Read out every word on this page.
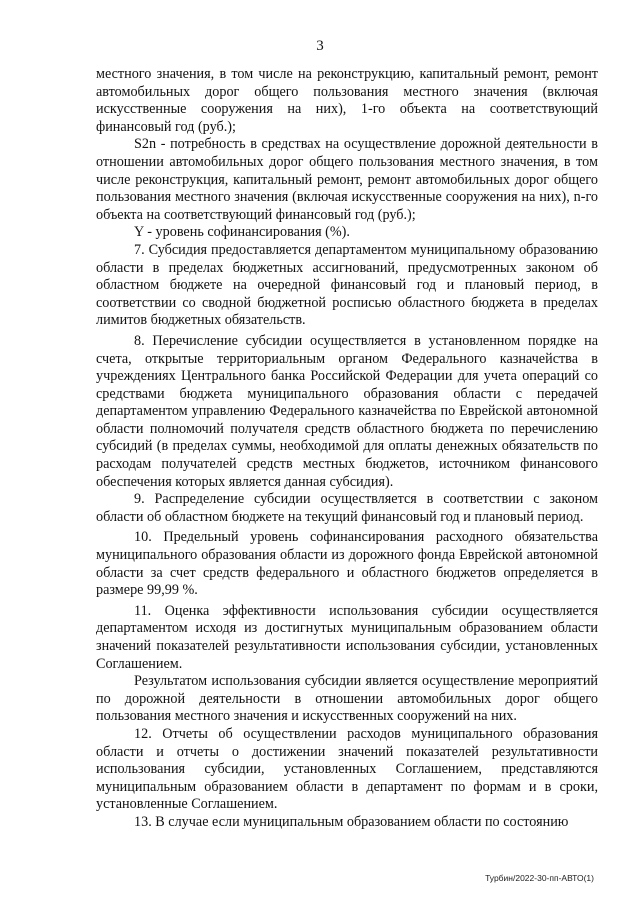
3

местного значения, в том числе на реконструкцию, капитальный ремонт, ремонт автомобильных дорог общего пользования местного значения (включая искусственные сооружения на них), 1-го объекта на соответствующий финансовый год (руб.);

S2n - потребность в средствах на осуществление дорожной деятельности в отношении автомобильных дорог общего пользования местного значения, в том числе реконструкция, капитальный ремонт, ремонт автомобильных дорог общего пользования местного значения (включая искусственные сооружения на них), n-го объекта на соответствующий финансовый год (руб.);

Y - уровень софинансирования (%).

7. Субсидия предоставляется департаментом муниципальному образованию области в пределах бюджетных ассигнований, предусмотренных законом об областном бюджете на очередной финансовый год и плановый период, в соответствии со сводной бюджетной росписью областного бюджета в пределах лимитов бюджетных обязательств.

8. Перечисление субсидии осуществляется в установленном порядке на счета, открытые территориальным органом Федерального казначейства в учреждениях Центрального банка Российской Федерации для учета операций со средствами бюджета муниципального образования области с передачей департаментом управлению Федерального казначейства по Еврейской автономной области полномочий получателя средств областного бюджета по перечислению субсидий (в пределах суммы, необходимой для оплаты денежных обязательств по расходам получателей средств местных бюджетов, источником финансового обеспечения которых является данная субсидия).

9. Распределение субсидии осуществляется в соответствии с законом области об областном бюджете на текущий финансовый год и плановый период.

10. Предельный уровень софинансирования расходного обязательства муниципального образования области из дорожного фонда Еврейской автономной области за счет средств федерального и областного бюджетов определяется в размере 99,99 %.

11. Оценка эффективности использования субсидии осуществляется департаментом исходя из достигнутых муниципальным образованием области значений показателей результативности использования субсидии, установленных Соглашением.

Результатом использования субсидии является осуществление мероприятий по дорожной деятельности в отношении автомобильных дорог общего пользования местного значения и искусственных сооружений на них.

12. Отчеты об осуществлении расходов муниципального образования области и отчеты о достижении значений показателей результативности использования субсидии, установленных Соглашением, представляются муниципальным образованием области в департамент по формам и в сроки, установленные Соглашением.

13. В случае если муниципальным образованием области по состоянию

Турбин/2022-30-пп-АВТО(1)
